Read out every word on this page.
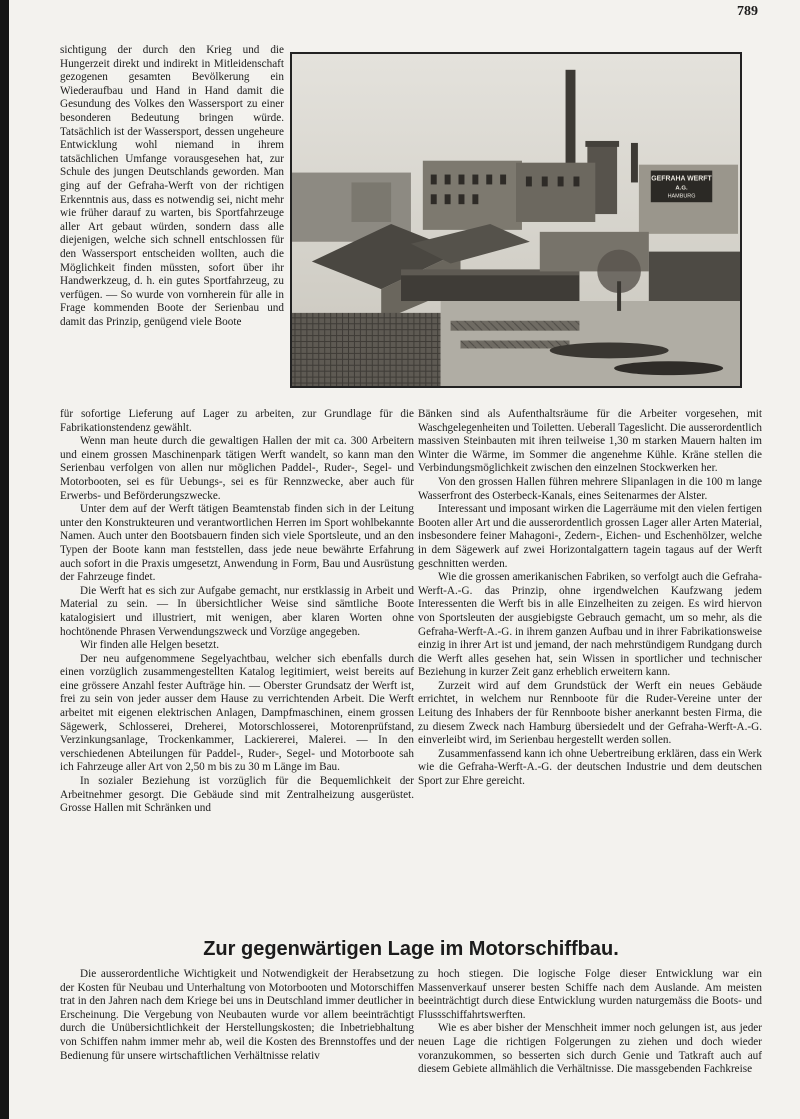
789

sichtigung der durch den Krieg und die Hungerzeit direkt und indirekt in Mitleidenschaft gezogenen gesamten Bevölkerung ein Wiederaufbau und Hand in Hand damit die Gesundung des Volkes den Wassersport zu einer besonderen Bedeutung bringen würde. Tatsächlich ist der Wassersport, dessen ungeheure Entwicklung wohl niemand in ihrem tatsächlichen Umfange vorausgesehen hat, zur Schule des jungen Deutschlands geworden. Man ging auf der Gefraha-Werft von der richtigen Erkenntnis aus, dass es notwendig sei, nicht mehr wie früher darauf zu warten, bis Sportfahrzeuge aller Art gebaut würden, sondern dass alle diejenigen, welche sich schnell entschlossen für den Wassersport entscheiden wollten, auch die Möglichkeit finden müssten, sofort über ihr Handwerkzeug, d. h. ein gutes Sportfahrzeug, zu verfügen. — So wurde von vornherein für alle in Frage kommenden Boote der Serienbau und damit das Prinzip, genügend viele Boote

GEFRAHA WERFT
A.G.
HAMBURG

für sofortige Lieferung auf Lager zu arbeiten, zur Grundlage für die Fabrikationstendenz gewählt.

Wenn man heute durch die gewaltigen Hallen der mit ca. 300 Arbeitern und einem grossen Maschinenpark tätigen Werft wandelt, so kann man den Serienbau verfolgen von allen nur möglichen Paddel-, Ruder-, Segel- und Motorbooten, sei es für Uebungs-, sei es für Rennzwecke, aber auch für Erwerbs- und Beförderungszwecke.

Unter dem auf der Werft tätigen Beamtenstab finden sich in der Leitung unter den Konstrukteuren und verantwortlichen Herren im Sport wohlbekannte Namen. Auch unter den Bootsbauern finden sich viele Sportsleute, und an den Typen der Boote kann man feststellen, dass jede neue bewährte Erfahrung auch sofort in die Praxis umgesetzt, Anwendung in Form, Bau und Ausrüstung der Fahrzeuge findet.

Die Werft hat es sich zur Aufgabe gemacht, nur erstklassig in Arbeit und Material zu sein. — In übersichtlicher Weise sind sämtliche Boote katalogisiert und illustriert, mit wenigen, aber klaren Worten ohne hochtönende Phrasen Verwendungszweck und Vorzüge angegeben.

Wir finden alle Helgen besetzt.

Der neu aufgenommene Segelyachtbau, welcher sich ebenfalls durch einen vorzüglich zusammengestellten Katalog legitimiert, weist bereits auf eine grössere Anzahl fester Aufträge hin. — Oberster Grundsatz der Werft ist, frei zu sein von jeder ausser dem Hause zu verrichtenden Arbeit. Die Werft arbeitet mit eigenen elektrischen Anlagen, Dampfmaschinen, einem grossen Sägewerk, Schlosserei, Dreherei, Motorschlosserei, Motorenprüfstand, Verzinkungsanlage, Trockenkammer, Lackiererei, Malerei. — In den verschiedenen Abteilungen für Paddel-, Ruder-, Segel- und Motorboote sah ich Fahrzeuge aller Art von 2,50 m bis zu 30 m Länge im Bau.

In sozialer Beziehung ist vorzüglich für die Bequemlichkeit der Arbeitnehmer gesorgt. Die Gebäude sind mit Zentralheizung ausgerüstet. Grosse Hallen mit Schränken und

Bänken sind als Aufenthaltsräume für die Arbeiter vorgesehen, mit Waschgelegenheiten und Toiletten. Ueberall Tageslicht. Die ausserordentlich massiven Steinbauten mit ihren teilweise 1,30 m starken Mauern halten im Winter die Wärme, im Sommer die angenehme Kühle. Kräne stellen die Verbindungsmöglichkeit zwischen den einzelnen Stockwerken her.

Von den grossen Hallen führen mehrere Slipanlagen in die 100 m lange Wasserfront des Osterbeck-Kanals, eines Seitenarmes der Alster.

Interessant und imposant wirken die Lagerräume mit den vielen fertigen Booten aller Art und die ausserordentlich grossen Lager aller Arten Material, insbesondere feiner Mahagoni-, Zedern-, Eichen- und Eschenhölzer, welche in dem Sägewerk auf zwei Horizontalgattern tagein tagaus auf der Werft geschnitten werden.

Wie die grossen amerikanischen Fabriken, so verfolgt auch die Gefraha-Werft-A.-G. das Prinzip, ohne irgendwelchen Kaufzwang jedem Interessenten die Werft bis in alle Einzelheiten zu zeigen. Es wird hiervon von Sportsleuten der ausgiebigste Gebrauch gemacht, um so mehr, als die Gefraha-Werft-A.-G. in ihrem ganzen Aufbau und in ihrer Fabrikationsweise einzig in ihrer Art ist und jemand, der nach mehrstündigem Rundgang durch die Werft alles gesehen hat, sein Wissen in sportlicher und technischer Beziehung in kurzer Zeit ganz erheblich erweitern kann.

Zurzeit wird auf dem Grundstück der Werft ein neues Gebäude errichtet, in welchem nur Rennboote für die Ruder-Vereine unter der Leitung des Inhabers der für Rennboote bisher anerkannt besten Firma, die zu diesem Zweck nach Hamburg übersiedelt und der Gefraha-Werft-A.-G. einverleibt wird, im Serienbau hergestellt werden sollen.

Zusammenfassend kann ich ohne Uebertreibung erklären, dass ein Werk wie die Gefraha-Werft-A.-G. der deutschen Industrie und dem deutschen Sport zur Ehre gereicht.

Zur gegenwärtigen Lage im Motorschiffbau.

Die ausserordentliche Wichtigkeit und Notwendigkeit der Herabsetzung der Kosten für Neubau und Unterhaltung von Motorbooten und Motorschiffen trat in den Jahren nach dem Kriege bei uns in Deutschland immer deutlicher in Erscheinung. Die Vergebung von Neubauten wurde vor allem beeinträchtigt durch die Unübersichtlichkeit der Herstellungskosten; die Inbetriebhaltung von Schiffen nahm immer mehr ab, weil die Kosten des Brennstoffes und der Bedienung für unsere wirtschaftlichen Verhältnisse relativ

zu hoch stiegen. Die logische Folge dieser Entwicklung war ein Massenverkauf unserer besten Schiffe nach dem Auslande. Am meisten beeinträchtigt durch diese Entwicklung wurden naturgemäss die Boots- und Flussschiffahrtswerften.

Wie es aber bisher der Menschheit immer noch gelungen ist, aus jeder neuen Lage die richtigen Folgerungen zu ziehen und doch wieder voranzukommen, so besserten sich durch Genie und Tatkraft auch auf diesem Gebiete allmählich die Verhältnisse. Die massgebenden Fachkreise
